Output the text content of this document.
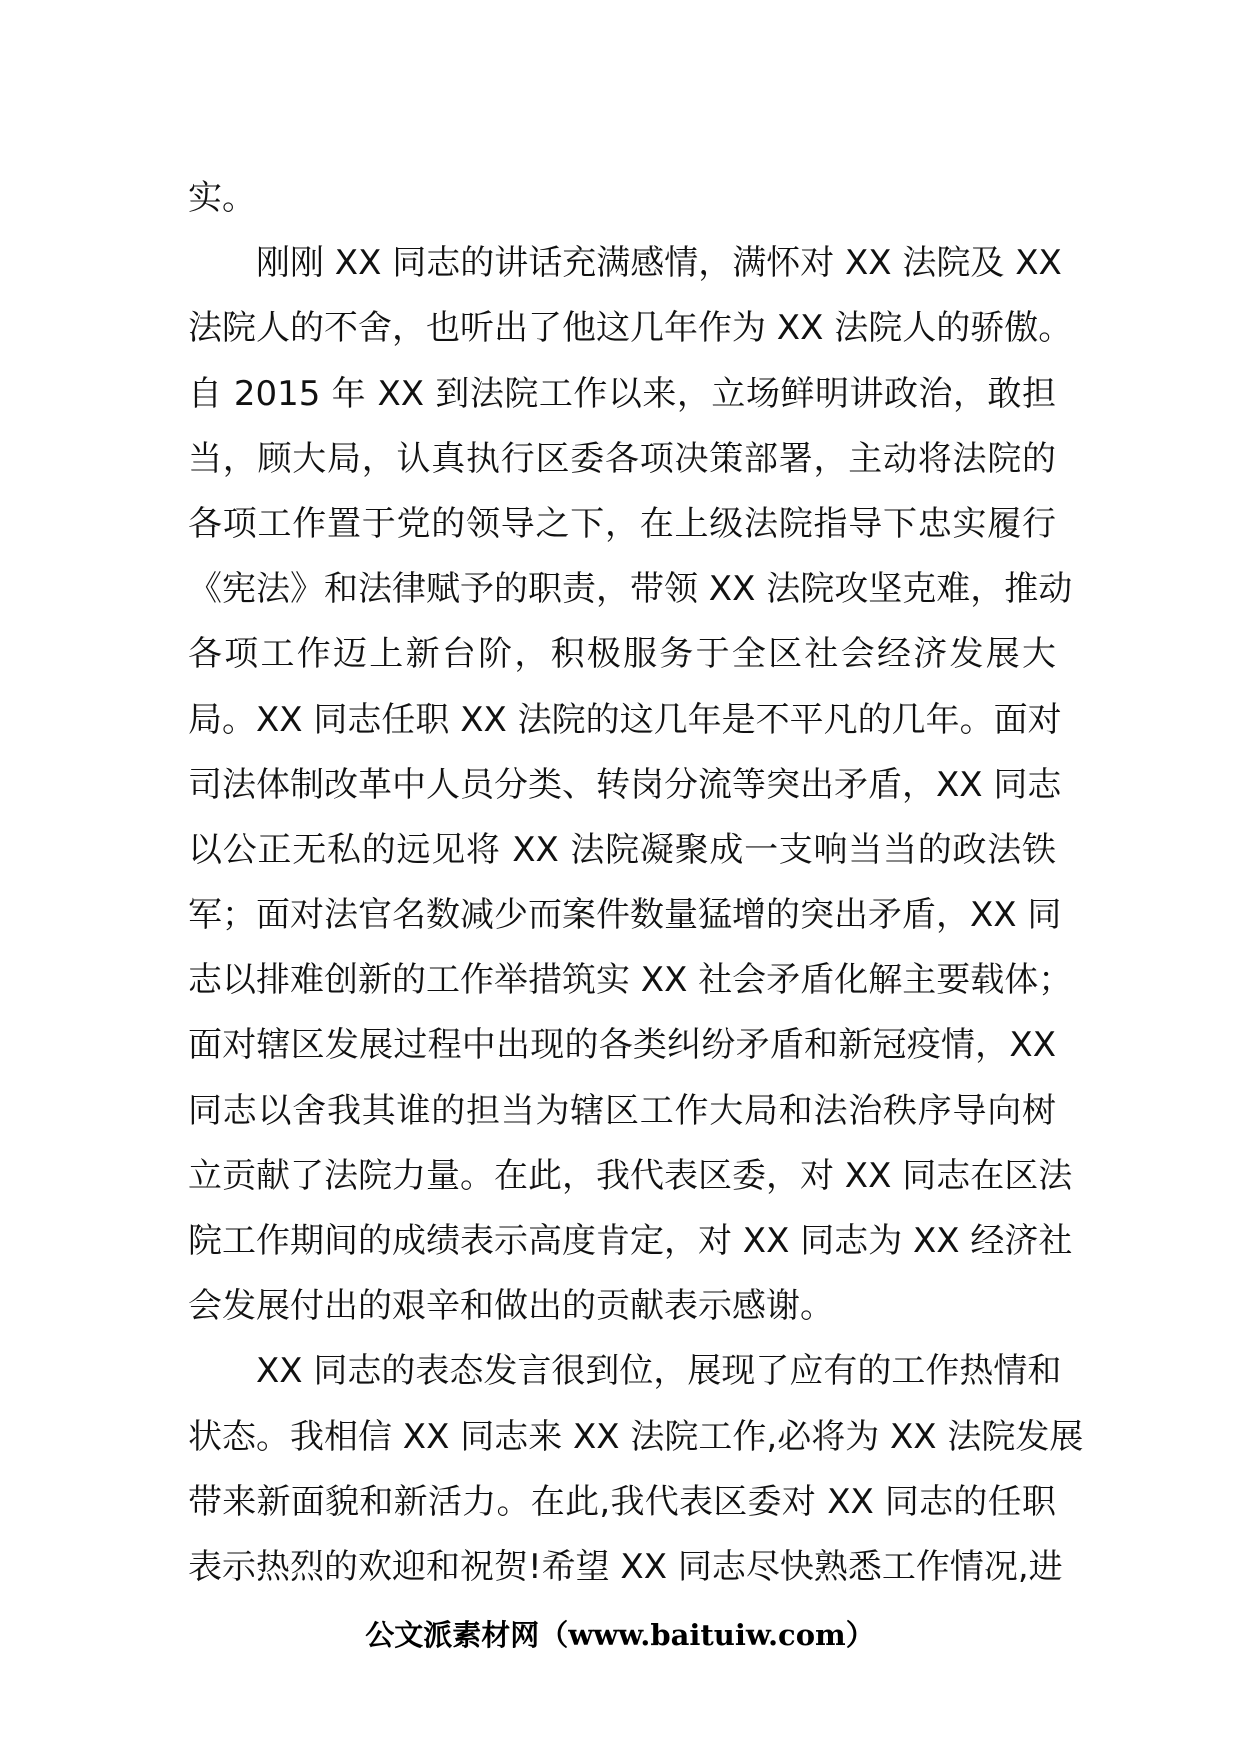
实。
刚刚 XX 同志的讲话充满感情，满怀对 XX 法院及 XX
法院人的不舍，也听出了他这几年作为 XX 法院人的骄傲。
自 2015 年 XX 到法院工作以来，立场鲜明讲政治，敢担
当，顾大局，认真执行区委各项决策部署，主动将法院的
各项工作置于党的领导之下，在上级法院指导下忠实履行
《宪法》和法律赋予的职责，带领 XX 法院攻坚克难，推动
各项工作迈上新台阶，积极服务于全区社会经济发展大
局。XX 同志任职 XX 法院的这几年是不平凡的几年。面对
司法体制改革中人员分类、转岗分流等突出矛盾，XX 同志
以公正无私的远见将 XX 法院凝聚成一支响当当的政法铁
军；面对法官名数减少而案件数量猛增的突出矛盾，XX 同
志以排难创新的工作举措筑实 XX 社会矛盾化解主要载体；
面对辖区发展过程中出现的各类纠纷矛盾和新冠疫情，XX
同志以舍我其谁的担当为辖区工作大局和法治秩序导向树
立贡献了法院力量。在此，我代表区委，对 XX 同志在区法
院工作期间的成绩表示高度肯定，对 XX 同志为 XX 经济社
会发展付出的艰辛和做出的贡献表示感谢。
XX 同志的表态发言很到位，展现了应有的工作热情和
状态。我相信 XX 同志来 XX 法院工作,必将为 XX 法院发展
带来新面貌和新活力。在此,我代表区委对 XX 同志的任职
表示热烈的欢迎和祝贺!希望 XX 同志尽快熟悉工作情况,进
公文派素材网（www.baituiw.com）
